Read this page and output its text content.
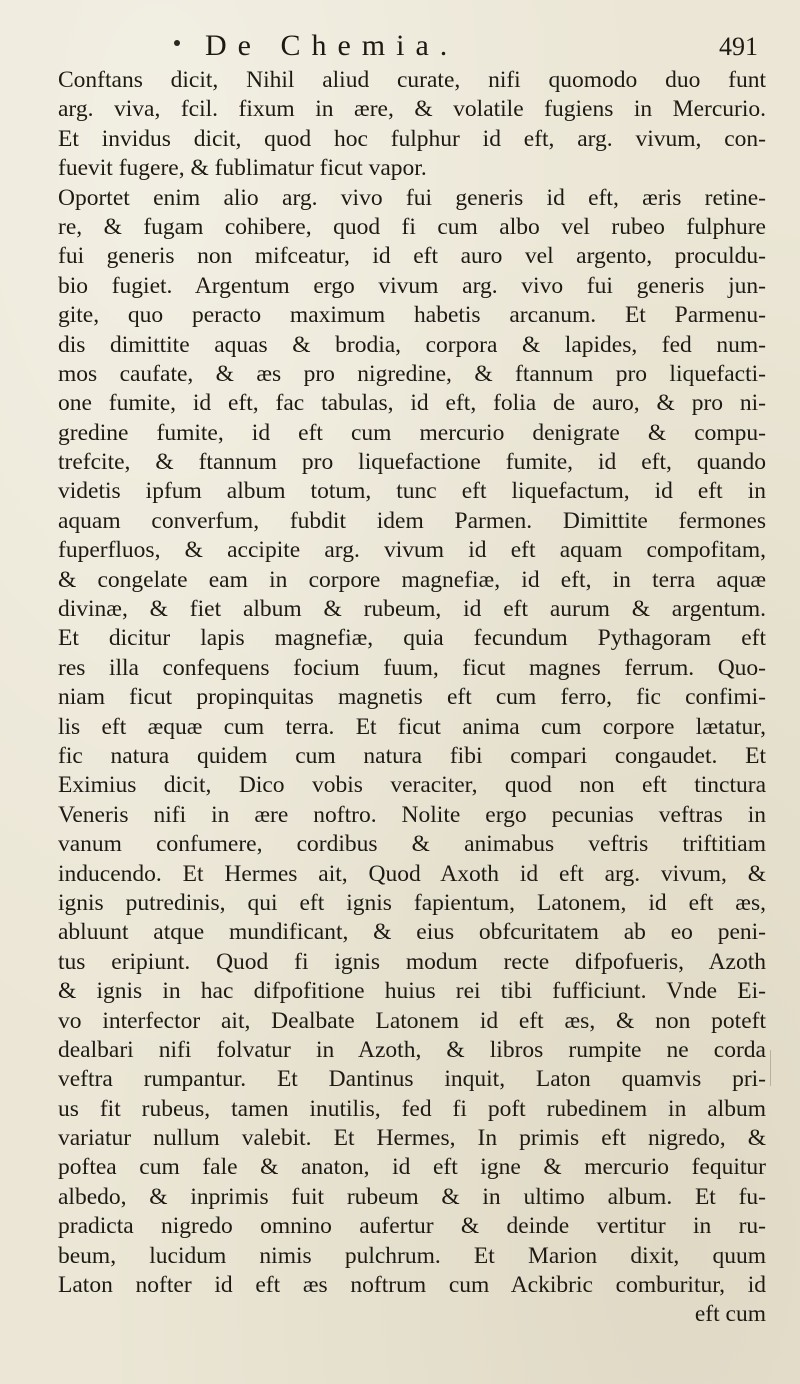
De Chemia.	491
Conftans dicit, Nihil aliud curate, nifi quomodo duo funt
arg. viva, fcil. fixum in ære, & volatile fugiens in Mercurio.
Et invidus dicit, quod hoc fulphur id eft, arg. vivum, con-
fuevit fugere, & fublimatur ficut vapor.
Oportet enim alio arg. vivo fui generis id eft, æris retine-
re, & fugam cohibere, quod fi cum albo vel rubeo fulphure
fui generis non mifceatur, id eft auro vel argento, proculdu-
bio fugiet. Argentum ergo vivum arg. vivo fui generis jun-
gite, quo peracto maximum habetis arcanum. Et Parmenu-
dis dimittite aquas & brodia, corpora & lapides, fed num-
mos caufate, & æs pro nigredine, & ftannum pro liquefacti-
one fumite, id eft, fac tabulas, id eft, folia de auro, & pro ni-
gredine fumite, id eft cum mercurio denigrate & compu-
trefcite, & ftannum pro liquefactione fumite, id eft, quando
videtis ipfum album totum, tunc eft liquefactum, id eft in
aquam converfum, fubdit idem Parmen. Dimittite fermones
fuperfluos, & accipite arg. vivum id eft aquam compofitam,
& congelate eam in corpore magnefiæ, id eft, in terra aquæ
divinæ, & fiet album & rubeum, id eft aurum & argentum.
Et dicitur lapis magnefiæ, quia fecundum Pythagoram eft
res illa confequens focium fuum, ficut magnes ferrum. Quo-
niam ficut propinquitas magnetis eft cum ferro, fic confimi-
lis eft æquæ cum terra. Et ficut anima cum corpore lætatur,
fic natura quidem cum natura fibi compari congaudet. Et
Eximius dicit, Dico vobis veraciter, quod non eft tinctura
Veneris nifi in ære noftro. Nolite ergo pecunias veftras in
vanum confumere, cordibus & animabus veftris triftitiam
inducendo. Et Hermes ait, Quod Axoth id eft arg. vivum, &
ignis putredinis, qui eft ignis fapientum, Latonem, id eft æs,
abluunt atque mundificant, & eius obfcuritatem ab eo peni-
tus eripiunt. Quod fi ignis modum recte difpofueris, Azoth
& ignis in hac difpofitione huius rei tibi fufficiunt. Vnde Ei-
vo interfector ait, Dealbate Latonem id eft æs, & non poteft
dealbari nifi folvatur in Azoth, & libros rumpite ne corda
veftra rumpantur. Et Dantinus inquit, Laton quamvis pri-
us fit rubeus, tamen inutilis, fed fi poft rubedinem in album
variatur nullum valebit. Et Hermes, In primis eft nigredo, &
poftea cum fale & anaton, id eft igne & mercurio fequitur
albedo, & inprimis fuit rubeum & in ultimo album. Et fu-
pradicta nigredo omnino aufertur & deinde vertitur in ru-
beum, lucidum nimis pulchrum. Et Marion dixit, quum
Laton nofter id eft æs noftrum cum Ackibric comburitur, id
eft cum
